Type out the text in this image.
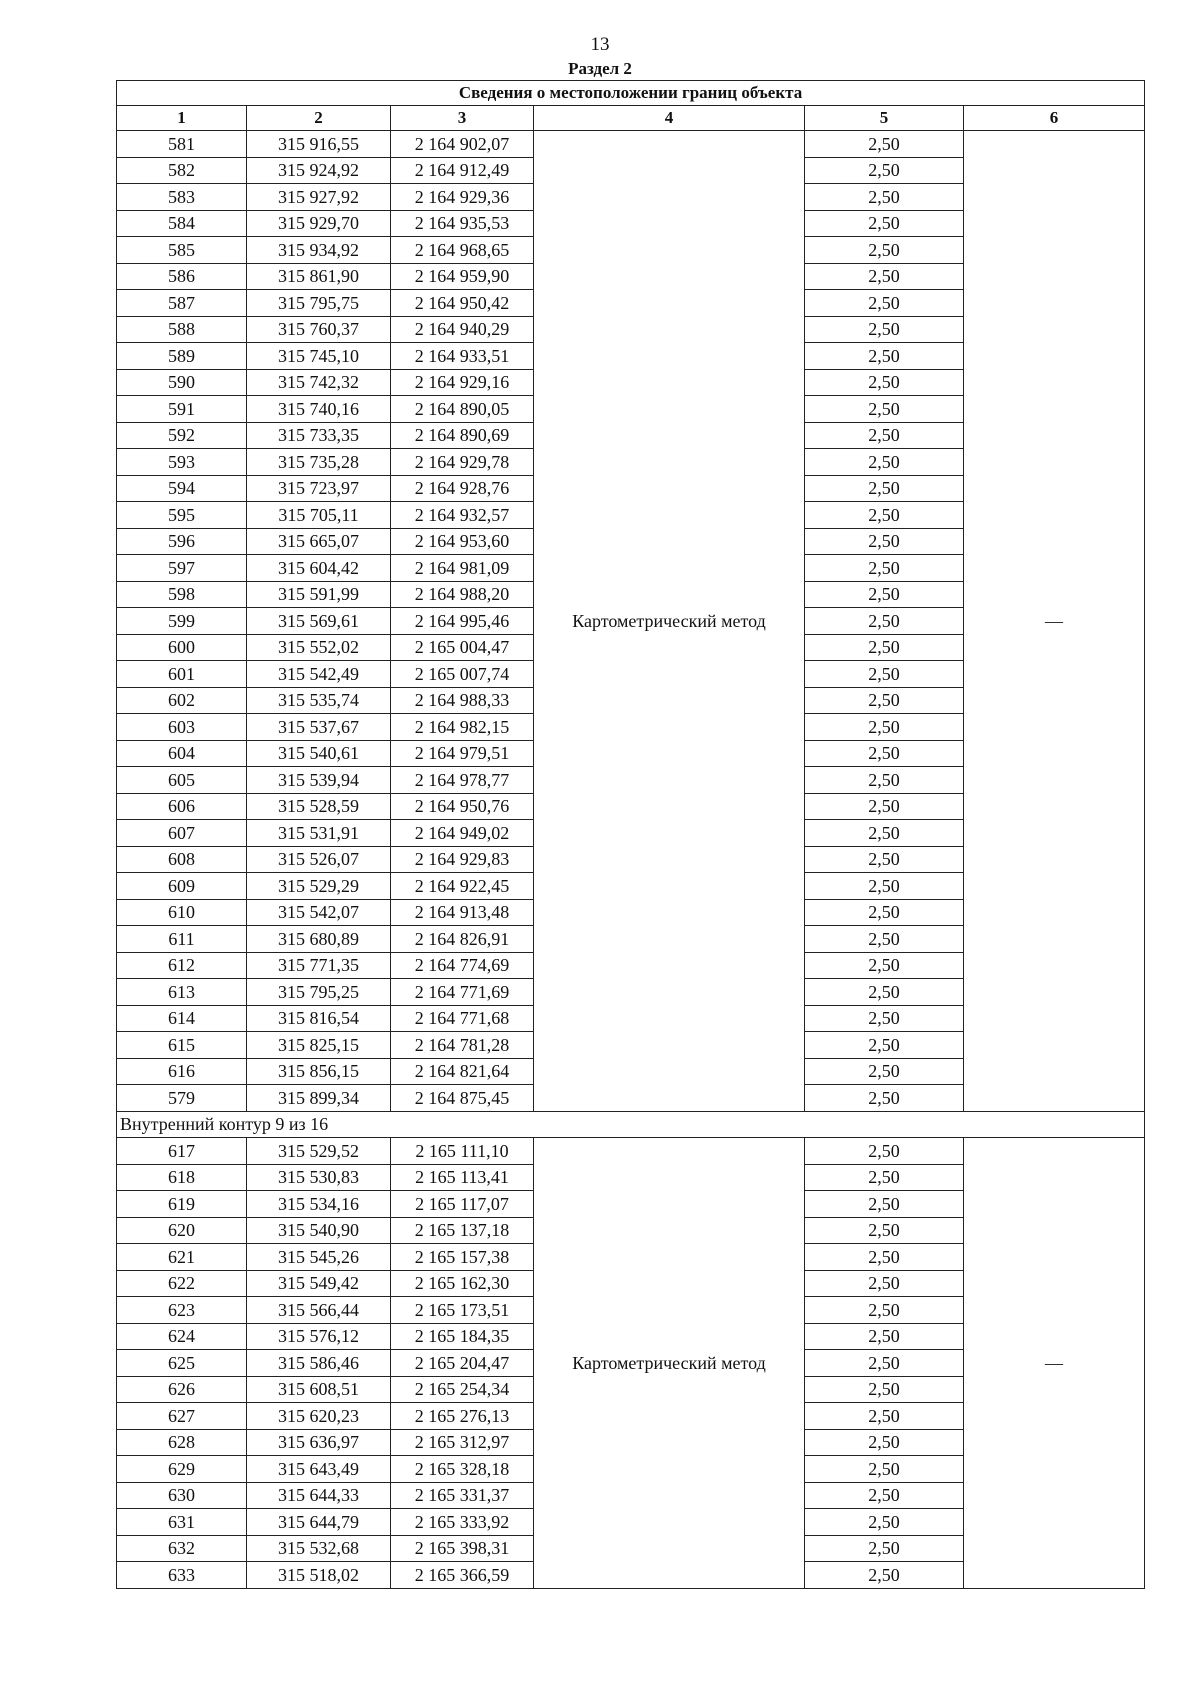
13
Раздел 2
Сведения о местоположении границ объекта					
1	2	3	4	5	6
581	315 916,55	2 164 902,07	Картометрический метод	2,50	—
582	315 924,92	2 164 912,49		2,50	
583	315 927,92	2 164 929,36		2,50	
584	315 929,70	2 164 935,53		2,50	
585	315 934,92	2 164 968,65		2,50	
586	315 861,90	2 164 959,90		2,50	
587	315 795,75	2 164 950,42		2,50	
588	315 760,37	2 164 940,29		2,50	
589	315 745,10	2 164 933,51		2,50	
590	315 742,32	2 164 929,16		2,50	
591	315 740,16	2 164 890,05		2,50	
592	315 733,35	2 164 890,69		2,50	
593	315 735,28	2 164 929,78		2,50	
594	315 723,97	2 164 928,76		2,50	
595	315 705,11	2 164 932,57		2,50	
596	315 665,07	2 164 953,60		2,50	
597	315 604,42	2 164 981,09		2,50	
598	315 591,99	2 164 988,20		2,50	
599	315 569,61	2 164 995,46		2,50	
600	315 552,02	2 165 004,47		2,50	
601	315 542,49	2 165 007,74		2,50	
602	315 535,74	2 164 988,33		2,50	
603	315 537,67	2 164 982,15		2,50	
604	315 540,61	2 164 979,51		2,50	
605	315 539,94	2 164 978,77		2,50	
606	315 528,59	2 164 950,76		2,50	
607	315 531,91	2 164 949,02		2,50	
608	315 526,07	2 164 929,83		2,50	
609	315 529,29	2 164 922,45		2,50	
610	315 542,07	2 164 913,48		2,50	
611	315 680,89	2 164 826,91		2,50	
612	315 771,35	2 164 774,69		2,50	
613	315 795,25	2 164 771,69		2,50	
614	315 816,54	2 164 771,68		2,50	
615	315 825,15	2 164 781,28		2,50	
616	315 856,15	2 164 821,64		2,50	
579	315 899,34	2 164 875,45		2,50	
Внутренний контур 9 из 16					
617	315 529,52	2 165 111,10	Картометрический метод	2,50	—
618	315 530,83	2 165 113,41		2,50	
619	315 534,16	2 165 117,07		2,50	
620	315 540,90	2 165 137,18		2,50	
621	315 545,26	2 165 157,38		2,50	
622	315 549,42	2 165 162,30		2,50	
623	315 566,44	2 165 173,51		2,50	
624	315 576,12	2 165 184,35		2,50	
625	315 586,46	2 165 204,47		2,50	
626	315 608,51	2 165 254,34		2,50	
627	315 620,23	2 165 276,13		2,50	
628	315 636,97	2 165 312,97		2,50	
629	315 643,49	2 165 328,18		2,50	
630	315 644,33	2 165 331,37		2,50	
631	315 644,79	2 165 333,92		2,50	
632	315 532,68	2 165 398,31		2,50	
633	315 518,02	2 165 366,59		2,50	
